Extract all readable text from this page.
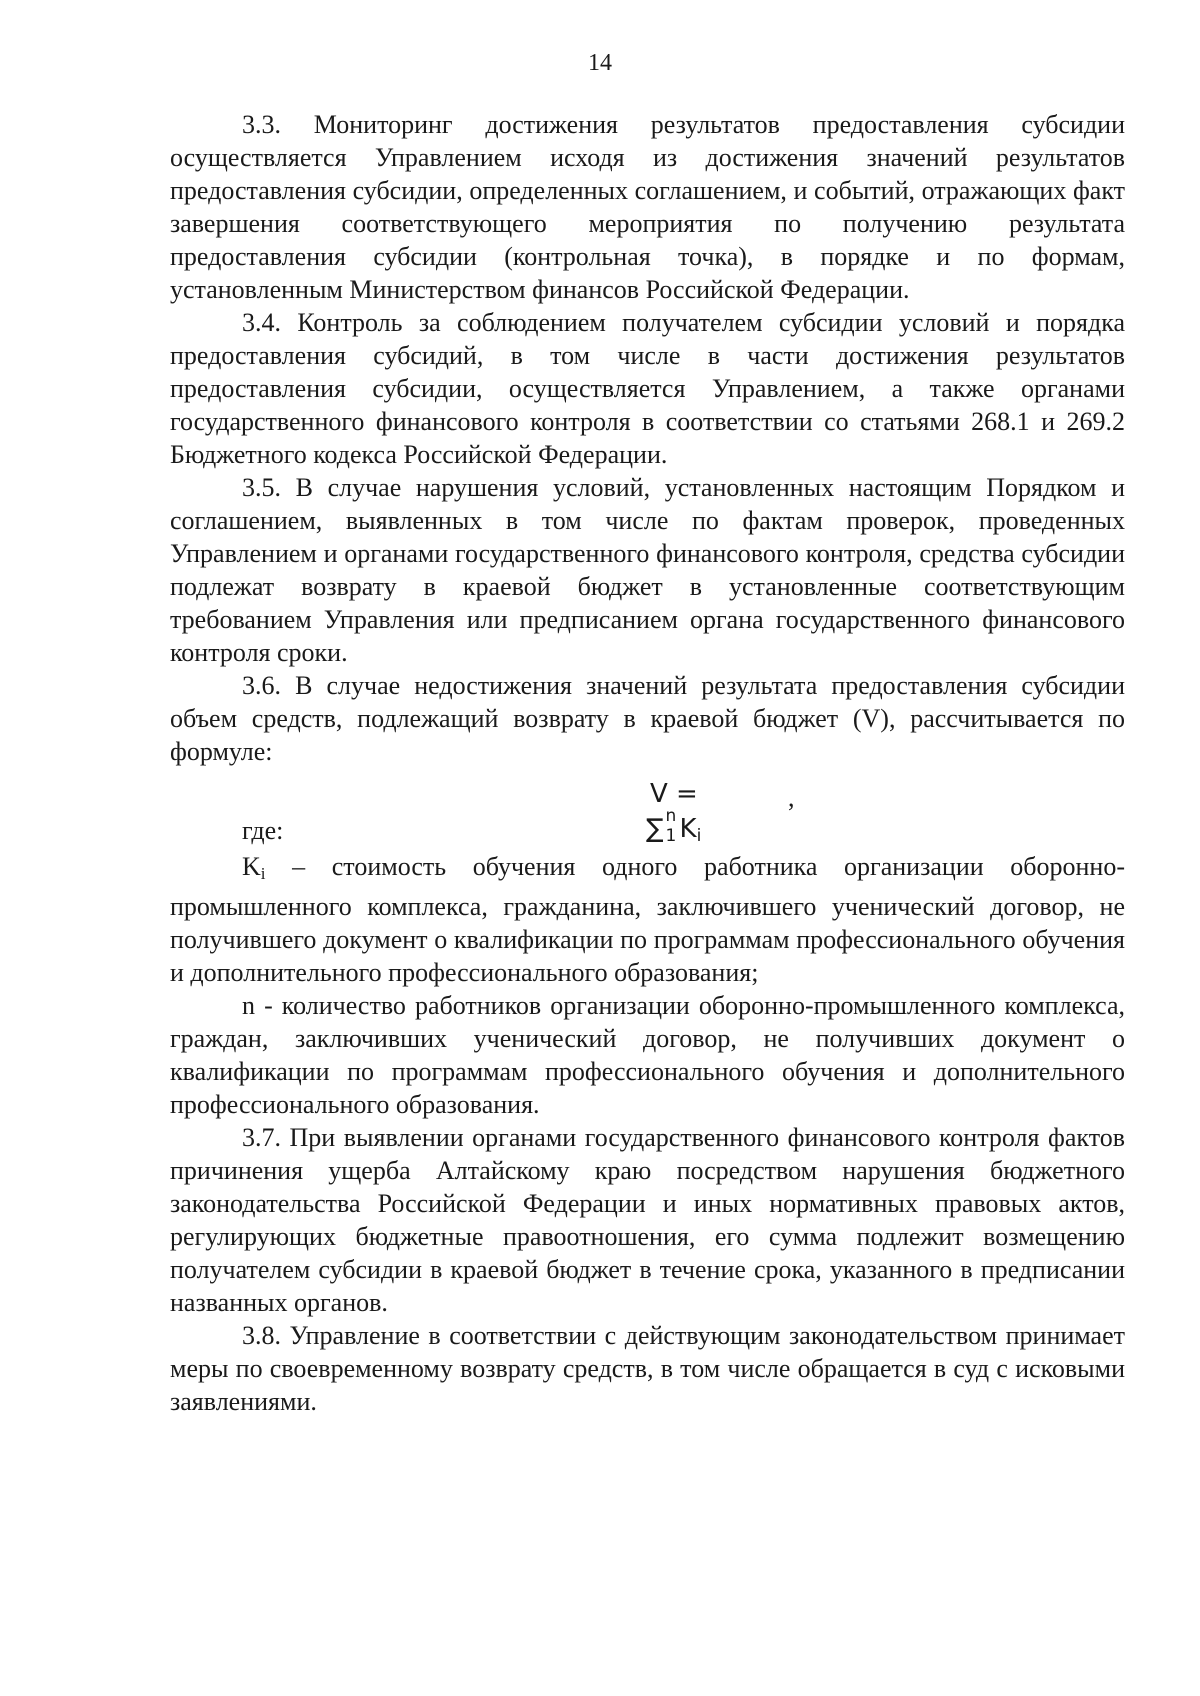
14

3.3. Мониторинг достижения результатов предоставления субсидии осуществляется Управлением исходя из достижения значений результатов предоставления субсидии, определенных соглашением, и событий, отражающих факт завершения соответствующего мероприятия по получению результата предоставления субсидии (контрольная точка), в порядке и по формам, установленным Министерством финансов Российской Федерации.

3.4. Контроль за соблюдением получателем субсидии условий и порядка предоставления субсидий, в том числе в части достижения результатов предоставления субсидии, осуществляется Управлением, а также органами государственного финансового контроля в соответствии со статьями 268.1 и 269.2 Бюджетного кодекса Российской Федерации.

3.5. В случае нарушения условий, установленных настоящим Порядком и соглашением, выявленных в том числе по фактам проверок, проведенных Управлением и органами государственного финансового контроля, средства субсидии подлежат возврату в краевой бюджет в установленные соответствующим требованием Управления или предписанием органа государственного финансового контроля сроки.

3.6. В случае недостижения значений результата предоставления субсидии объем средств, подлежащий возврату в краевой бюджет (V), рассчитывается по формуле:

V =	,
где:	∑ n
1 $K_i$

$K_i$ – стоимость обучения одного работника организации оборонно-промышленного комплекса, гражданина, заключившего ученический договор, не получившего документ о квалификации по программам профессионального обучения и дополнительного профессионального образования;

n - количество работников организации оборонно-промышленного комплекса, граждан, заключивших ученический договор, не получивших документ о квалификации по программам профессионального обучения и дополнительного профессионального образования.

3.7. При выявлении органами государственного финансового контроля фактов причинения ущерба Алтайскому краю посредством нарушения бюджетного законодательства Российской Федерации и иных нормативных правовых актов, регулирующих бюджетные правоотношения, его сумма подлежит возмещению получателем субсидии в краевой бюджет в течение срока, указанного в предписании названных органов.

3.8. Управление в соответствии с действующим законодательством принимает меры по своевременному возврату средств, в том числе обращается в суд с исковыми заявлениями.
